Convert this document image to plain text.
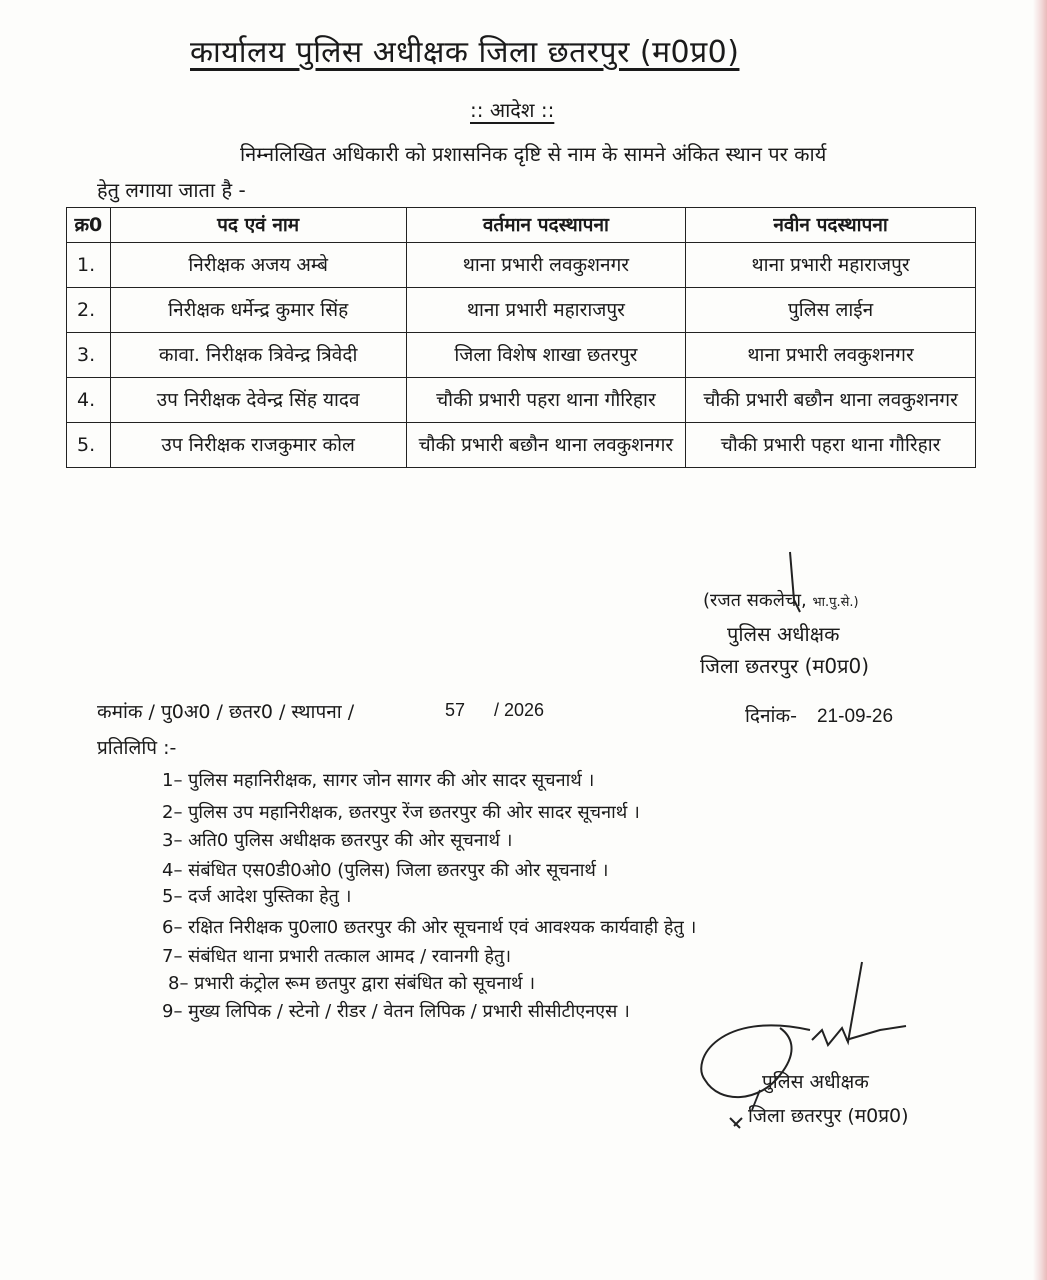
कार्यालय पुलिस अधीक्षक जिला छतरपुर (म0प्र0)
:: आदेश ::
निम्नलिखित अधिकारी को प्रशासनिक दृष्टि से नाम के सामने अंकित स्थान पर कार्य
हेतु लगाया जाता है -
क्र0	पद एवं नाम	वर्तमान पदस्थापना	नवीन पदस्थापना
1.	निरीक्षक अजय अम्बे	थाना प्रभारी लवकुशनगर	थाना प्रभारी महाराजपुर
2.	निरीक्षक धर्मेन्द्र कुमार सिंह	थाना प्रभारी महाराजपुर	पुलिस लाईन
3.	कावा. निरीक्षक त्रिवेन्द्र त्रिवेदी	जिला विशेष शाखा छतरपुर	थाना प्रभारी लवकुशनगर
4.	उप निरीक्षक देवेन्द्र सिंह यादव	चौकी प्रभारी पहरा थाना गौरिहार	चौकी प्रभारी बछौन थाना लवकुशनगर
5.	उप निरीक्षक राजकुमार कोल	चौकी प्रभारी बछौन थाना लवकुशनगर	चौकी प्रभारी पहरा थाना गौरिहार
(रजत सकलेचा, भा.पु.से.)
पुलिस अधीक्षक
जिला छतरपुर (म0प्र0)
कमांक / पु0अ0 / छतर0 / स्थापना /	57 / 2026	दिनांक- 21-09-26
प्रतिलिपि :-
1– पुलिस महानिरीक्षक, सागर जोन सागर की ओर सादर सूचनार्थ ।
2– पुलिस उप महानिरीक्षक, छतरपुर रेंज छतरपुर की ओर सादर सूचनार्थ ।
3– अति0 पुलिस अधीक्षक छतरपुर की ओर सूचनार्थ ।
4– संबंधित एस0डी0ओ0 (पुलिस) जिला छतरपुर की ओर सूचनार्थ ।
5– दर्ज आदेश पुस्तिका हेतु ।
6– रक्षित निरीक्षक पु0ला0 छतरपुर की ओर सूचनार्थ एवं आवश्यक कार्यवाही हेतु ।
7– संबंधित थाना प्रभारी तत्काल आमद / रवानगी हेतु।
8– प्रभारी कंट्रोल रूम छतपुर द्वारा संबंधित को सूचनार्थ ।
9– मुख्य लिपिक / स्टेनो / रीडर / वेतन लिपिक / प्रभारी सीसीटीएनएस ।
पुलिस अधीक्षक
जिला छतरपुर (म0प्र0)
